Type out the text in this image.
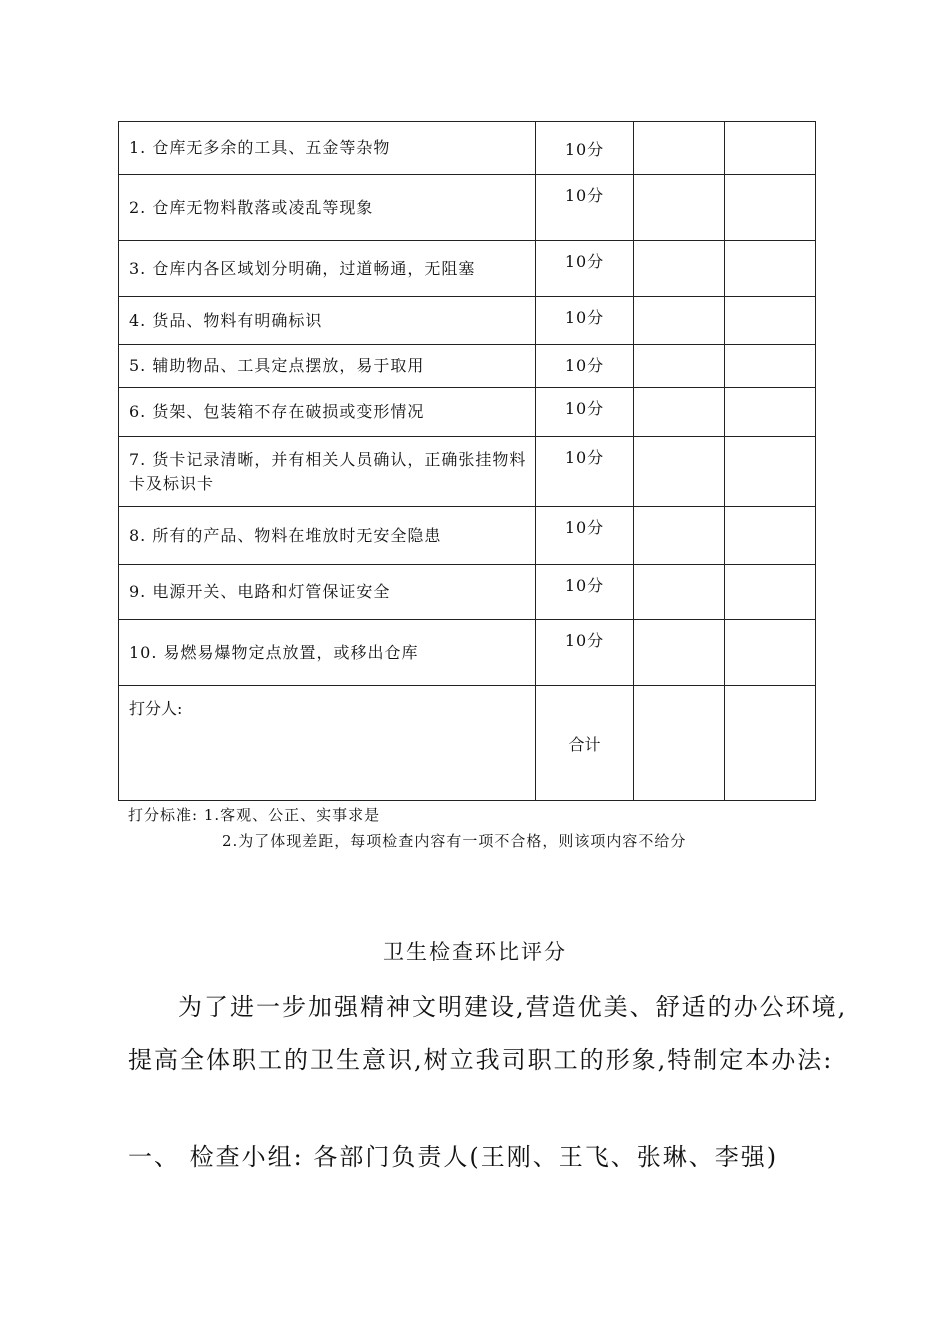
1. 仓库无多余的工具、五金等杂物	10分		
2. 仓库无物料散落或凌乱等现象	10分		
3. 仓库内各区域划分明确，过道畅通，无阻塞	10分		
4. 货品、物料有明确标识	10分		
5. 辅助物品、工具定点摆放，易于取用	10分		
6. 货架、包装箱不存在破损或变形情况	10分		
7. 货卡记录清晰，并有相关人员确认，正确张挂物料卡及标识卡	10分		
8. 所有的产品、物料在堆放时无安全隐患	10分		
9. 电源开关、电路和灯管保证安全	10分		
10. 易燃易爆物定点放置，或移出仓库	10分		
打分人:	合计		
打分标准: 1.客观、公正、实事求是
2.为了体现差距，每项检查内容有一项不合格，则该项内容不给分
卫生检查环比评分
为了进一步加强精神文明建设,营造优美、舒适的办公环境,
提高全体职工的卫生意识,树立我司职工的形象,特制定本办法:
一、 检查小组: 各部门负责人(王刚、王飞、张琳、李强)
